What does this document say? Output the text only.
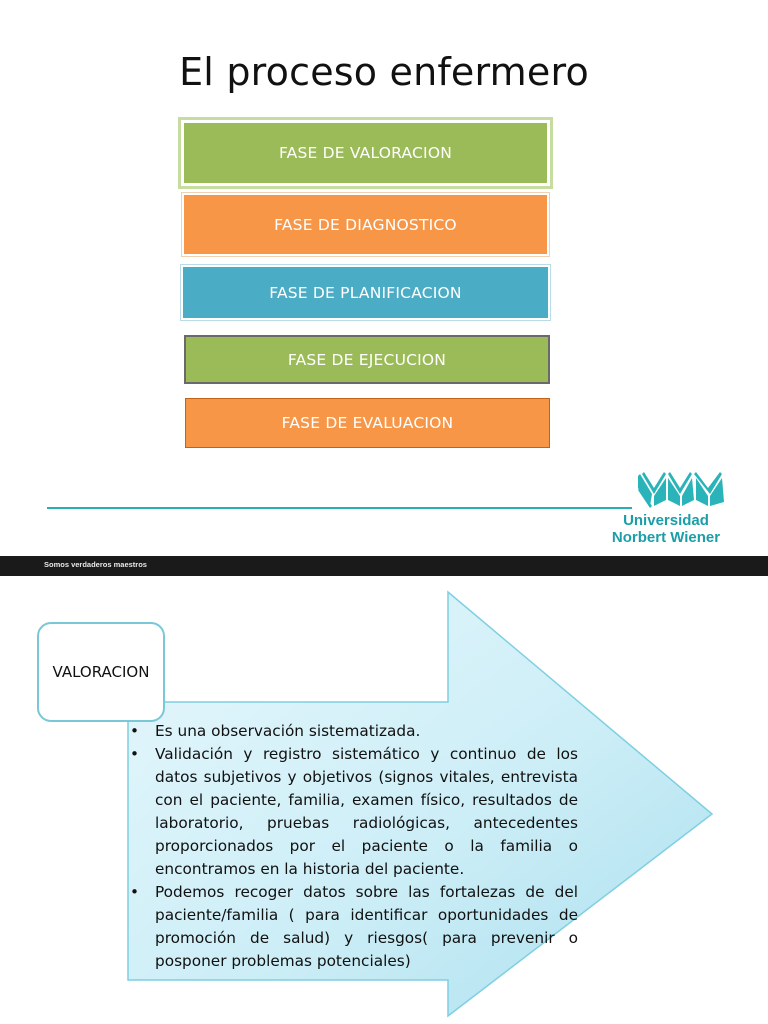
El proceso enfermero
FASE DE VALORACION
FASE DE DIAGNOSTICO
FASE DE PLANIFICACION
FASE DE EJECUCION
FASE DE EVALUACION
Universidad
Norbert Wiener
Somos verdaderos maestros
VALORACION
• Es una observación sistematizada.
• Validación y registro sistemático y continuo de los datos subjetivos y objetivos (signos vitales, entrevista con el paciente, familia, examen físico, resultados de laboratorio, pruebas radiológicas, antecedentes proporcionados por el paciente o la familia o encontramos en la historia del paciente.
• Podemos recoger datos sobre las fortalezas de del paciente/familia ( para identificar oportunidades de promoción de salud) y riesgos( para prevenir o posponer problemas potenciales)
